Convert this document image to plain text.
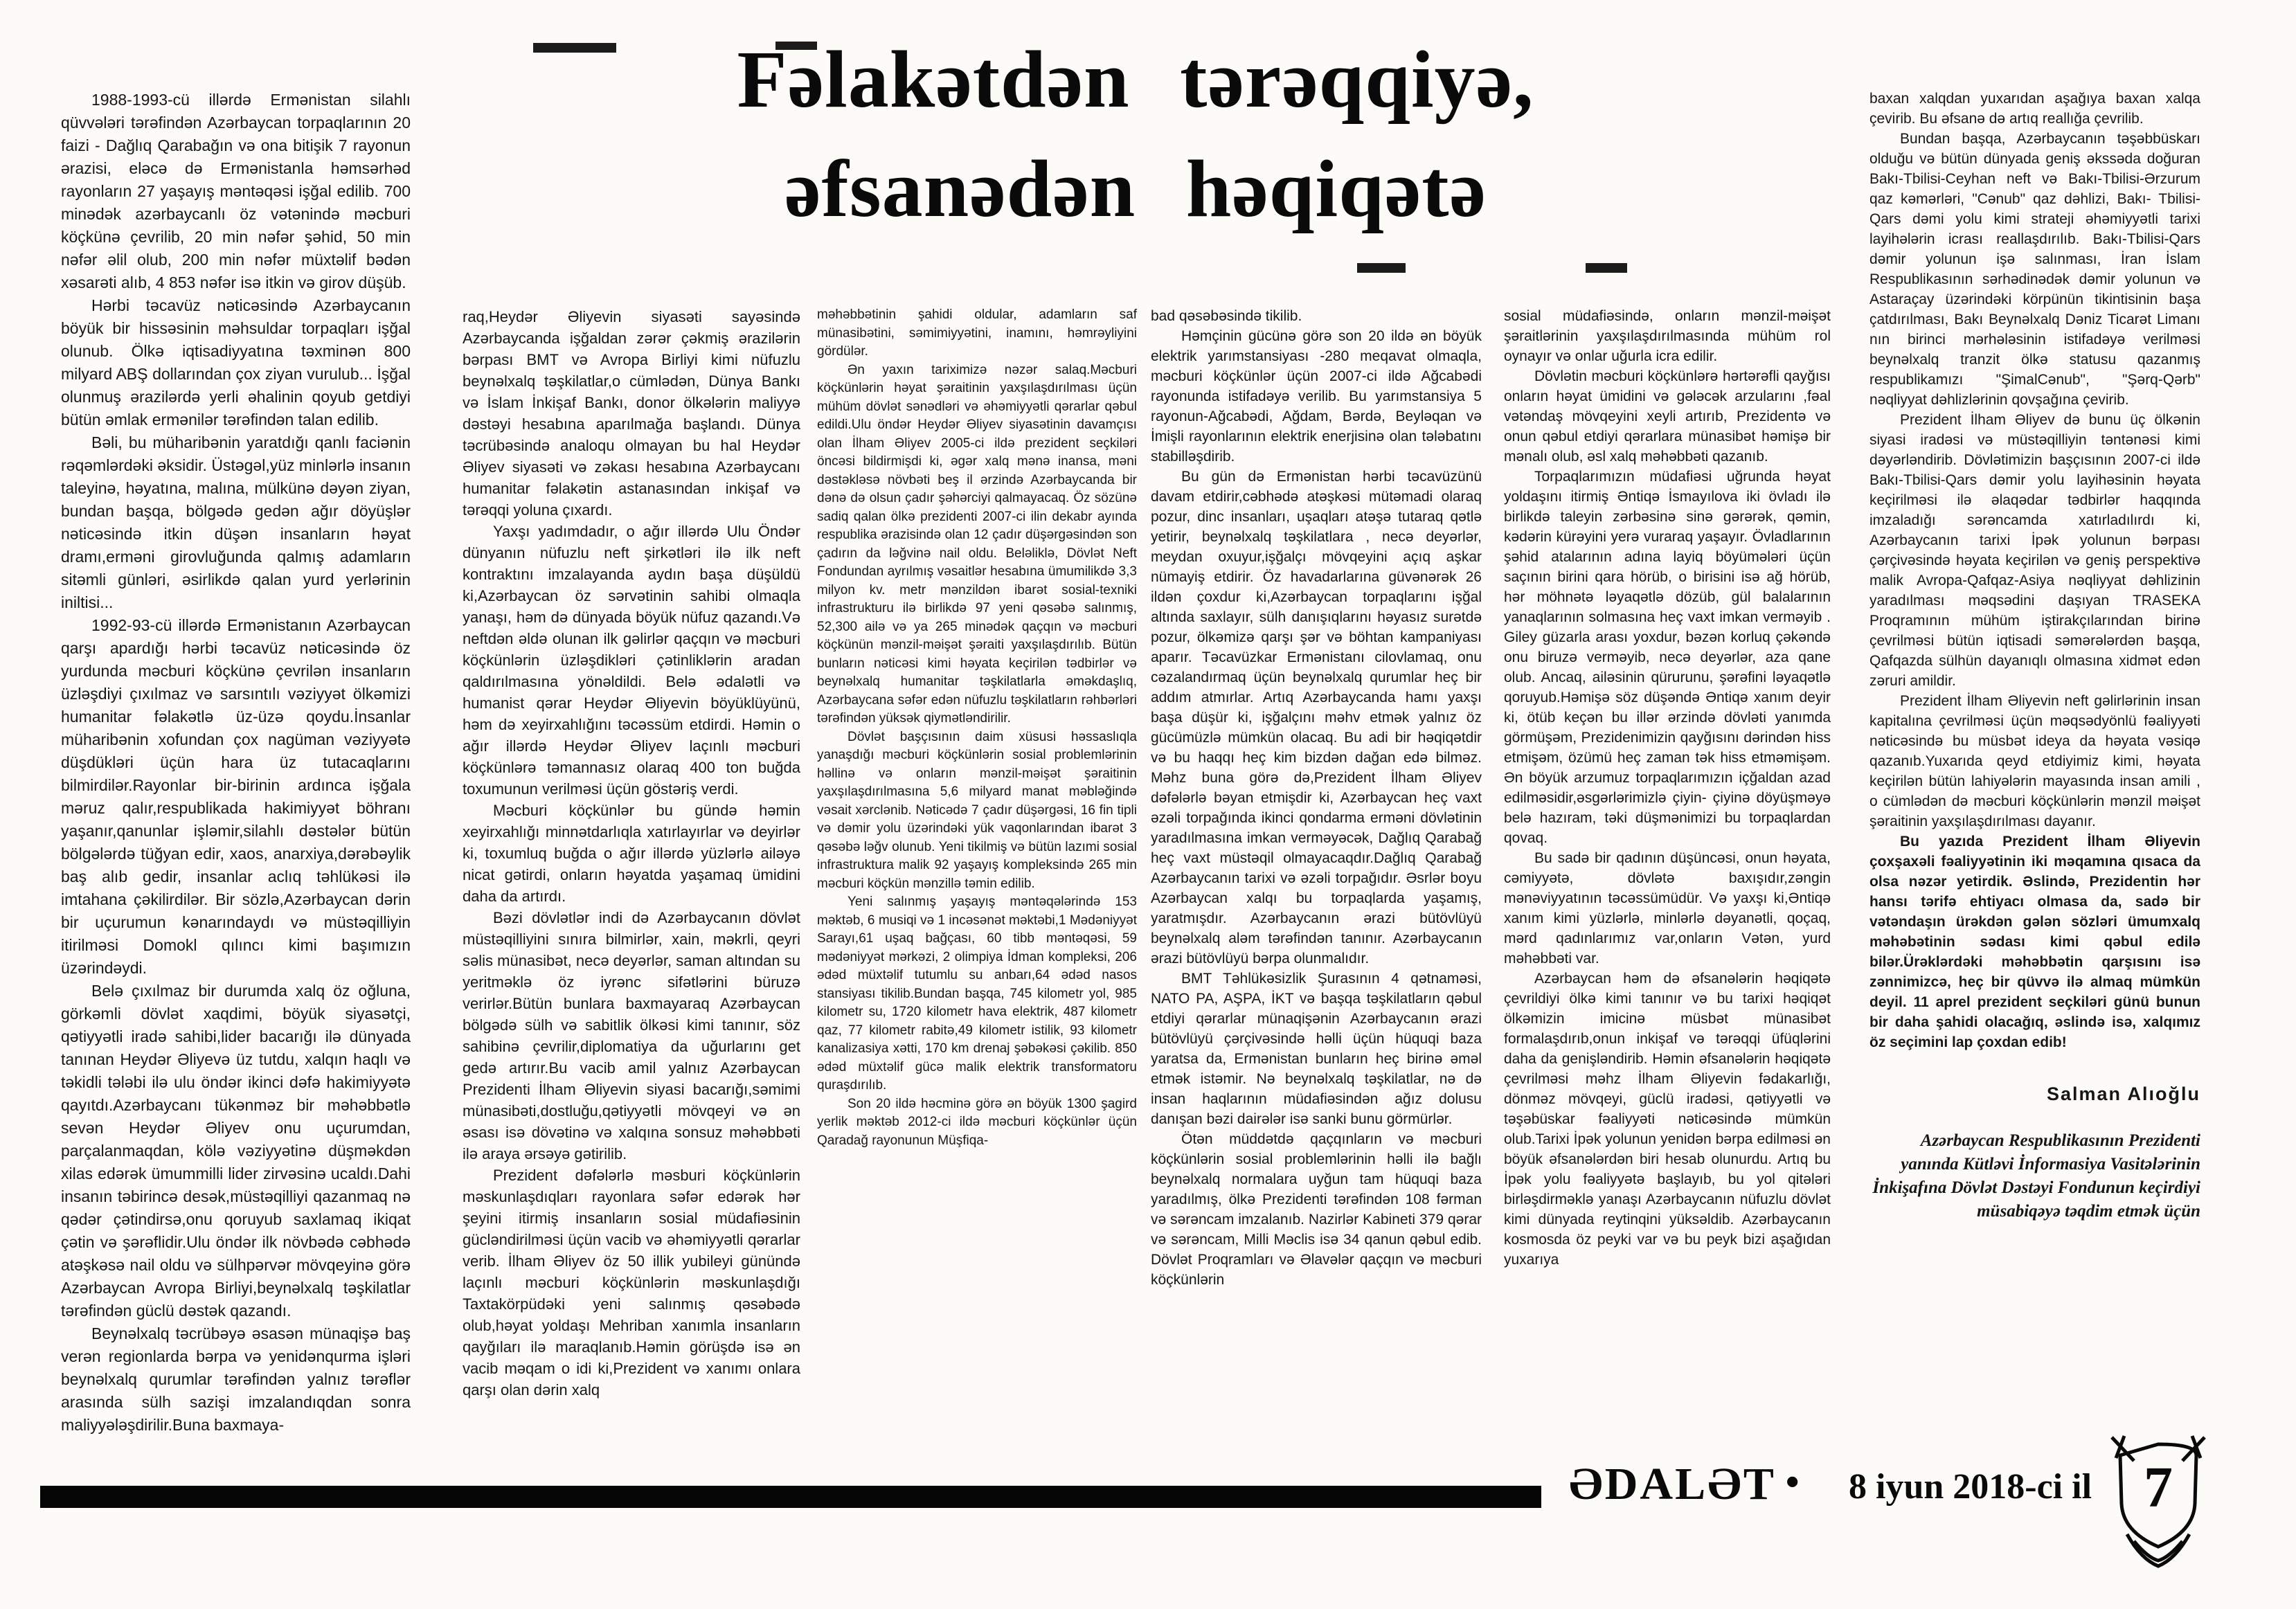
Fəlakətdən tərəqqiyə,
əfsanədən həqiqətə

1988-1993-cü illərdə Ermənistan silahlı qüvvələri tərəfindən Azərbaycan torpaqlarının 20 faizi - Dağlıq Qarabağın və ona bitişik 7 rayonun ərazisi, eləcə də Ermənistanla həmsərhəd rayonların 27 yaşayış məntəqəsi işğal edilib. 700 minədək azərbaycanlı öz vətənində məcburi köçkünə çevrilib, 20 min nəfər şəhid, 50 min nəfər əlil olub, 200 min nəfər müxtəlif bədən xəsarəti alıb, 4 853 nəfər isə itkin və girov düşüb.

Hərbi təcavüz nəticəsində Azərbaycanın böyük bir hissəsinin məhsuldar torpaqları işğal olunub. Ölkə iqtisadiyyatına təxminən 800 milyard ABŞ dollarından çox ziyan vurulub... İşğal olunmuş ərazilərdə yerli əhalinin qoyub getdiyi bütün əmlak ermənilər tərəfindən talan edilib.

Bəli, bu müharibənin yaratdığı qanlı faciənin rəqəmlərdəki əksidir. Üstəgəl,yüz minlərlə insanın taleyinə, həyatına, malına, mülkünə dəyən ziyan, bundan başqa, bölgədə gedən ağır döyüşlər nəticəsində itkin düşən insanların həyat dramı,erməni girovluğunda qalmış adamların sitəmli günləri, əsirlikdə qalan yurd yerlərinin iniltisi...

1992-93-cü illərdə Ermənistanın Azərbaycan qarşı apardığı hərbi təcavüz nəticəsində öz yurdunda məcburi köçkünə çevrilən insanların üzləşdiyi çıxılmaz və sarsıntılı vəziyyət ölkəmizi humanitar fəlakətlə üz-üzə qoydu.İnsanlar müharibənin xofundan çox nagüman vəziyyətə düşdükləri üçün hara üz tutacaqlarını bilmirdilər.Rayonlar bir-birinin ardınca işğala məruz qalır,respublikada hakimiyyət böhranı yaşanır,qanunlar işləmir,silahlı dəstələr bütün bölgələrdə tüğyan edir, xaos, anarxiya,dərəbəylik baş alıb gedir, insanlar aclıq təhlükəsi ilə imtahana çəkilirdilər. Bir sözlə,Azərbaycan dərin bir uçurumun kənarındaydı və müstəqilliyin itirilməsi Domokl qılıncı kimi başımızın üzərindəydi.

Belə çıxılmaz bir durumda xalq öz oğluna, görkəmli dövlət xaqdimi, böyük siyasətçi, qətiyyətli iradə sahibi,lider bacarığı ilə dünyada tanınan Heydər Əliyevə üz tutdu, xalqın haqlı və təkidli tələbi ilə ulu öndər ikinci dəfə hakimiyyətə qayıtdı.Azərbaycanı tükənməz bir məhəbbətlə sevən Heydər Əliyev onu uçurumdan, parçalanmaqdan, kölə vəziyyətinə düşməkdən xilas edərək ümummilli lider zirvəsinə ucaldı.Dahi insanın təbirincə desək,müstəqilliyi qazanmaq nə qədər çətindirsə,onu qoruyub saxlamaq ikiqat çətin və şərəflidir.Ulu öndər ilk növbədə cəbhədə atəşkəsə nail oldu və sülhpərvər mövqeyinə görə Azərbaycan Avropa Birliyi,beynəlxalq təşkilatlar tərəfindən güclü dəstək qazandı.

Beynəlxalq təcrübəyə əsasən münaqişə baş verən regionlarda bərpa və yenidənqurma işləri beynəlxalq qurumlar tərəfindən yalnız tərəflər arasında sülh sazişi imzalandıqdan sonra maliyyələşdirilir.Buna baxmaya-

raq,Heydər Əliyevin siyasəti sayəsində Azərbaycanda işğaldan zərər çəkmiş ərazilərin bərpası BMT və Avropa Birliyi kimi nüfuzlu beynəlxalq təşkilatlar,o cümlədən, Dünya Bankı və İslam İnkişaf Bankı, donor ölkələrin maliyyə dəstəyi hesabına aparılmağa başlandı. Dünya təcrübəsində analoqu olmayan bu hal Heydər Əliyev siyasəti və zəkası hesabına Azərbaycanı humanitar fəlakətin astanasından inkişaf və tərəqqi yoluna çıxardı.

Yaxşı yadımdadır, o ağır illərdə Ulu Öndər dünyanın nüfuzlu neft şirkətləri ilə ilk neft kontraktını imzalayanda aydın başa düşüldü ki,Azərbaycan öz sərvətinin sahibi olmaqla yanaşı, həm də dünyada böyük nüfuz qazandı.Və neftdən əldə olunan ilk gəlirlər qaçqın və məcburi köçkünlərin üzləşdikləri çətinliklərin aradan qaldırılmasına yönəldildi. Belə ədalətli və humanist qərar Heydər Əliyevin böyüklüyünü, həm də xeyirxahlığını təcəssüm etdirdi. Həmin o ağır illərdə Heydər Əliyev laçınlı məcburi köçkünlərə təmannasız olaraq 400 ton buğda toxumunun verilməsi üçün göstəriş verdi.

Məcburi köçkünlər bu gündə həmin xeyirxahlığı minnətdarlıqla xatırlayırlar və deyirlər ki, toxumluq buğda o ağır illərdə yüzlərlə ailəyə nicat gətirdi, onların həyatda yaşamaq ümidini daha da artırdı.

Bəzi dövlətlər indi də Azərbaycanın dövlət müstəqilliyini sınıra bilmirlər, xain, məkrli, qeyri səlis münasibət, necə deyərlər, saman altından su yeritməklə öz iyrənc sifətlərini büruzə verirlər.Bütün bunlara baxmayaraq Azərbaycan bölgədə sülh və sabitlik ölkəsi kimi tanınır, söz sahibinə çevrilir,diplomatiya da uğurlarını get gedə artırır.Bu vacib amil yalnız Azərbaycan Prezidenti İlham Əliyevin siyasi bacarığı,səmimi münasibəti,dostluğu,qətiyyətli mövqeyi və ən əsası isə dövətinə və xalqına sonsuz məhəbbəti ilə araya ərsəyə gətirilib.

Prezident dəfələrlə məsburi köçkünlərin məskunlaşdıqları rayonlara səfər edərək hər şeyini itirmiş insanların sosial müdafiəsinin gücləndirilməsi üçün vacib və əhəmiyyətli qərarlar verib. İlham Əliyev öz 50 illik yubileyi günündə laçınlı məcburi köçkünlərin məskunlaşdığı Taxtakörpüdəki yeni salınmış qəsəbədə olub,həyat yoldaşı Mehriban xanımla insanların qayğıları ilə maraqlanıb.Həmin görüşdə isə ən vacib məqam o idi ki,Prezident və xanımı onlara qarşı olan dərin xalq

məhəbbətinin şahidi oldular, adamların saf münasibətini, səmimiyyətini, inamını, həmrəyliyini gördülər.

Ən yaxın tariximizə nəzər salaq.Məcburi köçkünlərin həyat şəraitinin yaxşılaşdırılması üçün mühüm dövlət sənədləri və əhəmiyyətli qərarlar qəbul edildi.Ulu öndər Heydər Əliyev siyasətinin davamçısı olan İlham Əliyev 2005-ci ildə prezident seçkiləri öncəsi bildirmişdi ki, əgər xalq mənə inansa, məni dəstəkləsə növbəti beş il ərzində Azərbaycanda bir dənə də olsun çadır şəhərciyi qalmayacaq. Öz sözünə sadiq qalan ölkə prezidenti 2007-ci ilin dekabr ayında respublika ərazisində olan 12 çadır düşərgəsindən son çadırın da ləğvinə nail oldu. Beləliklə, Dövlət Neft Fondundan ayrılmış vəsaitlər hesabına ümumilikdə 3,3 milyon kv. metr mənzildən ibarət sosial-texniki infrastrukturu ilə birlikdə 97 yeni qəsəbə salınmış, 52,300 ailə və ya 265 minədək qaçqın və məcburi köçkünün mənzil-məişət şəraiti yaxşılaşdırılıb. Bütün bunların nəticəsi kimi həyata keçirilən tədbirlər və beynəlxalq humanitar təşkilatlarla əməkdaşlıq, Azərbaycana səfər edən nüfuzlu təşkilatların rəhbərləri tərəfindən yüksək qiymətləndirilir.

Dövlət başçısının daim xüsusi həssaslıqla yanaşdığı məcburi köçkünlərin sosial problemlərinin həllinə və onların mənzil-məişət şəraitinin yaxşılaşdırılmasına 5,6 milyard manat məbləğində vəsait xərclənib. Nəticədə 7 çadır düşərgəsi, 16 fin tipli və dəmir yolu üzərindəki yük vaqonlarından ibarət 3 qəsəbə ləğv olunub. Yeni tikilmiş və bütün lazımi sosial infrastruktura malik 92 yaşayış kompleksində 265 min məcburi köçkün mənzillə təmin edilib.

Yeni salınmış yaşayış məntəqələrində 153 məktəb, 6 musiqi və 1 incəsənət məktəbi,1 Mədəniyyət Sarayı,61 uşaq bağçası, 60 tibb məntəqəsi, 59 mədəniyyət mərkəzi, 2 olimpiya İdman kompleksi, 206 ədəd müxtəlif tutumlu su anbarı,64 ədəd nasos stansiyası tikilib.Bundan başqa, 745 kilometr yol, 985 kilometr su, 1720 kilometr hava elektrik, 487 kilometr qaz, 77 kilometr rabitə,49 kilometr istilik, 93 kilometr kanalizasiya xətti, 170 km drenaj şəbəkəsi çəkilib. 850 ədəd müxtəlif gücə malik elektrik transformatoru quraşdırılıb.

Son 20 ildə həcminə görə ən böyük 1300 şagird yerlik məktəb 2012-ci ildə məcburi köçkünlər üçün Qaradağ rayonunun Müşfiqa-

bad qəsəbəsində tikilib.

Həmçinin gücünə görə son 20 ildə ən böyük elektrik yarımstansiyası -280 meqavat olmaqla, məcburi köçkünlər üçün 2007-ci ildə Ağcabədi rayonunda istifadəyə verilib. Bu yarımstansiya 5 rayonun-Ağcabədi, Ağdam, Bərdə, Beyləqan və İmişli rayonlarının elektrik enerjisinə olan tələbatını stabilləşdirib.

Bu gün də Ermənistan hərbi təcavüzünü davam etdirir,cəbhədə atəşkəsi mütəmadi olaraq pozur, dinc insanları, uşaqları atəşə tutaraq qətlə yetirir, beynəlxalq təşkilatlara , necə deyərlər, meydan oxuyur,işğalçı mövqeyini açıq aşkar nümayiş etdirir. Öz havadarlarına güvənərək 26 ildən çoxdur ki,Azərbaycan torpaqlarını işğal altında saxlayır, sülh danışıqlarını həyasız surətdə pozur, ölkəmizə qarşı şər və böhtan kampaniyası aparır. Təcavüzkar Ermənistanı cilovlamaq, onu cəzalandırmaq üçün beynəlxalq qurumlar heç bir addım atmırlar. Artıq Azərbaycanda hamı yaxşı başa düşür ki, işğalçını məhv etmək yalnız öz gücümüzlə mümkün olacaq. Bu adi bir həqiqətdir və bu haqqı heç kim bizdən dağan edə bilməz. Məhz buna görə də,Prezident İlham Əliyev dəfələrlə bəyan etmişdir ki, Azərbaycan heç vaxt əzəli torpağında ikinci qondarma erməni dövlətinin yaradılmasına imkan verməyəcək, Dağlıq Qarabağ heç vaxt müstəqil olmayacaqdır.Dağlıq Qarabağ Azərbaycanın tarixi və əzəli torpağıdır. Əsrlər boyu Azərbaycan xalqı bu torpaqlarda yaşamış, yaratmışdır. Azərbaycanın ərazi bütövlüyü beynəlxalq aləm tərəfindən tanınır. Azərbaycanın ərazi bütövlüyü bərpa olunmalıdır.

BMT Təhlükəsizlik Şurasının 4 qətnaməsi, NATO PA, AŞPA, İKT və başqa təşkilatların qəbul etdiyi qərarlar münaqişənin Azərbaycanın ərazi bütövlüyü çərçivəsində həlli üçün hüquqi baza yaratsa da, Ermənistan bunların heç birinə əməl etmək istəmir. Nə beynəlxalq təşkilatlar, nə də insan haqlarının müdafiəsindən ağız dolusu danışan bəzi dairələr isə sanki bunu görmürlər.

Ötən müddətdə qaçqınların və məcburi köçkünlərin sosial problemlərinin həlli ilə bağlı beynəlxalq normalara uyğun tam hüquqi baza yaradılmış, ölkə Prezidenti tərəfindən 108 fərman və sərəncam imzalanıb. Nazirlər Kabineti 379 qərar və sərəncam, Milli Məclis isə 34 qanun qəbul edib. Dövlət Proqramları və Əlavələr qaçqın və məcburi köçkünlərin

sosial müdafiəsində, onların mənzil-məişət şəraitlərinin yaxşılaşdırılmasında mühüm rol oynayır və onlar uğurla icra edilir.

Dövlətin məcburi köçkünlərə hərtərəfli qayğısı onların həyat ümidini və gələcək arzularını ,fəal vətəndaş mövqeyini xeyli artırıb, Prezidentə və onun qəbul etdiyi qərarlara münasibət həmişə bir mənalı olub, əsl xalq məhəbbəti qazanıb.

Torpaqlarımızın müdafiəsi uğrunda həyat yoldaşını itirmiş Əntiqə İsmayılova iki övladı ilə birlikdə taleyin zərbəsinə sinə gərərək, qəmin, kədərin kürəyini yerə vuraraq yaşayır. Övladlarının şəhid atalarının adına layiq böyümələri üçün saçının birini qara hörüb, o birisini isə ağ hörüb, hər möhnətə ləyaqətlə dözüb, gül balalarının yanaqlarının solmasına heç vaxt imkan verməyib . Giley güzarla arası yoxdur, bəzən korluq çəkəndə onu biruzə verməyib, necə deyərlər, aza qane olub. Ancaq, ailəsinin qürurunu, şərəfini ləyaqətlə qoruyub.Həmişə söz düşəndə Əntiqə xanım deyir ki, ötüb keçən bu illər ərzində dövləti yanımda görmüşəm, Prezidenimizin qayğısını dərindən hiss etmişəm, özümü heç zaman tək hiss etməmişəm. Ən böyük arzumuz torpaqlarımızın içğaldan azad edilməsidir,əsgərlərimizlə çiyin- çiyinə döyüşməyə belə hazıram, təki düşmənimizi bu torpaqlardan qovaq.

Bu sadə bir qadının düşüncəsi, onun həyata, cəmiyyətə, dövlətə baxışıdır,zəngin mənəviyyatının təcəssümüdür. Və yaxşı ki,Əntiqə xanım kimi yüzlərlə, minlərlə dəyanətli, qoçaq, mərd qadınlarımız var,onların Vətən, yurd məhəbbəti var.

Azərbaycan həm də əfsanələrin həqiqətə çevrildiyi ölkə kimi tanınır və bu tarixi həqiqət ölkəmizin imicinə müsbət münasibət formalaşdırıb,onun inkişaf və tərəqqi üfüqlərini daha da genişləndirib. Həmin əfsanələrin həqiqətə çevrilməsi məhz İlham Əliyevin fədakarlığı, dönməz mövqeyi, güclü iradəsi, qətiyyətli və təşəbüskar fəaliyyəti nəticəsində mümkün olub.Tarixi İpək yolunun yenidən bərpa edilməsi ən böyük əfsanələrdən biri hesab olunurdu. Artıq bu İpək yolu fəaliyyətə başlayıb, bu yol qitələri birləşdirməklə yanaşı Azərbaycanın nüfuzlu dövlət kimi dünyada reytinqini yüksəldib. Azərbaycanın kosmosda öz peyki var və bu peyk bizi aşağıdan yuxarıya

baxan xalqdan yuxarıdan aşağıya baxan xalqa çevirib. Bu əfsanə də artıq reallığa çevrilib.

Bundan başqa, Azərbaycanın təşəbbüskarı olduğu və bütün dünyada geniş əkssəda doğuran Bakı-Tbilisi-Ceyhan neft və Bakı-Tbilisi-Ərzurum qaz kəmərləri, "Cənub" qaz dəhlizi, Bakı- Tbilisi-Qars dəmi yolu kimi strateji əhəmiyyətli tarixi layihələrin icrası reallaşdırılıb. Bakı-Tbilisi-Qars dəmir yolunun işə salınması, İran İslam Respublikasının sərhədinədək dəmir yolunun və Astaraçay üzərindəki körpünün tikintisinin başa çatdırılması, Bakı Beynəlxalq Dəniz Ticarət Limanı nın birinci mərhələsinin istifadəyə verilməsi beynəlxalq tranzit ölkə statusu qazanmış respublikamızı "ŞimalCənub", "Şərq-Qərb" nəqliyyat dəhlizlərinin qovşağına çevirib.

Prezident İlham Əliyev də bunu üç ölkənin siyasi iradəsi və müstəqilliyin təntənəsi kimi dəyərləndirib. Dövlətimizin başçısının 2007-ci ildə Bakı-Tbilisi-Qars dəmir yolu layihəsinin həyata keçirilməsi ilə əlaqədar tədbirlər haqqında imzaladığı sərəncamda xatırladılırdı ki, Azərbaycanın tarixi İpək yolunun bərpası çərçivəsində həyata keçirilən və geniş perspektivə malik Avropa-Qafqaz-Asiya nəqliyyat dəhlizinin yaradılması məqsədini daşıyan TRASEKA Proqramının mühüm iştirakçılarından birinə çevrilməsi bütün iqtisadi səmərələrdən başqa, Qafqazda sülhün dayanıqlı olmasına xidmət edən zəruri amildir.

Prezident İlham Əliyevin neft gəlirlərinin insan kapitalına çevrilməsi üçün məqsədyönlü fəaliyyəti nəticəsində bu müsbət ideya da həyata vəsiqə qazanıb.Yuxarıda qeyd etdiyimiz kimi, həyata keçirilən bütün lahiyələrin mayasında insan amili , o cümlədən də məcburi köçkünlərin mənzil məişət şəraitinin yaxşılaşdırılması dayanır.

Bu yazıda Prezident İlham Əliyevin çoxşaxəli fəaliyyətinin iki məqamına qısaca da olsa nəzər yetirdik. Əslində, Prezidentin hər hansı tərifə ehtiyacı olmasa da, sadə bir vətəndaşın ürəkdən gələn sözləri ümumxalq məhəbətinin sədası kimi qəbul edilə bilər.Ürəklərdəki məhəbbətin qarşısını isə zənnimizcə, heç bir qüvvə ilə almaq mümkün deyil. 11 aprel prezident seçkiləri günü bunun bir daha şahidi olacağıq, əslində isə, xalqımız öz seçimini lap çoxdan edib!

Salman Alıoğlu

Azərbaycan Respublikasının Prezidenti yanında Kütləvi İnformasiya Vasitələrinin İnkişafına Dövlət Dəstəyi Fondunun keçirdiyi müsabiqəyə təqdim etmək üçün

ƏDALƏT • 8 iyun 2018-ci il 7
